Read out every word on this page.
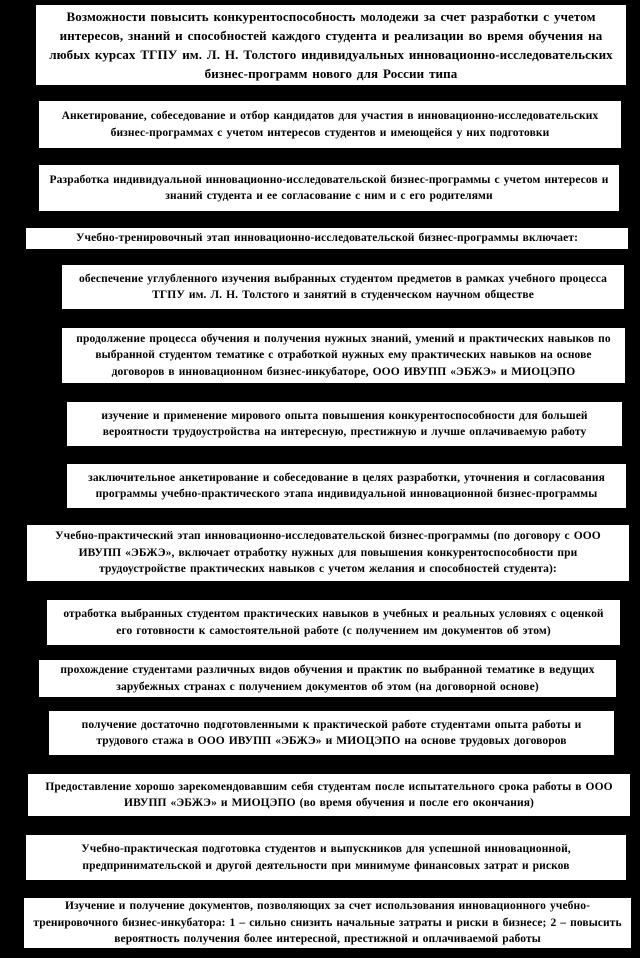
Возможности повысить конкурентоспособность молодежи за счет разработки с учетом интересов, знаний и способностей каждого студента и реализации во время обучения на любых курсах ТГПУ им. Л. Н. Толстого индивидуальных инновационно-исследовательских бизнес-программ нового для России типа
Анкетирование, собеседование и отбор кандидатов для участия в инновационно-исследовательских бизнес-программах с учетом интересов студентов и имеющейся у них подготовки
Разработка индивидуальной инновационно-исследовательской бизнес-программы с учетом интересов и знаний студента и ее согласование с ним и с его родителями
Учебно-тренировочный этап инновационно-исследовательской бизнес-программы включает:
обеспечение углубленного изучения выбранных студентом предметов в рамках учебного процесса ТГПУ им. Л. Н. Толстого и занятий в студенческом научном обществе
продолжение процесса обучения и получения нужных знаний, умений и практических навыков по выбранной студентом тематике с отработкой нужных ему практических навыков на основе договоров в инновационном бизнес-инкубаторе, ООО ИВУПП «ЭБЖЭ» и МИОЦЭПО
изучение и применение мирового опыта повышения конкурентоспособности для большей вероятности трудоустройства на интересную, престижную и лучше оплачиваемую работу
заключительное анкетирование и собеседование в целях разработки, уточнения и согласования программы учебно-практического этапа индивидуальной инновационной бизнес-программы
Учебно-практический этап инновационно-исследовательской бизнес-программы (по договору с ООО ИВУПП «ЭБЖЭ», включает отработку нужных для повышения конкурентоспособности при трудоустройстве практических навыков с учетом желания и способностей студента):
отработка выбранных студентом практических навыков в учебных и реальных условиях с оценкой его готовности к самостоятельной работе (с получением им документов об этом)
прохождение студентами различных видов обучения и практик по выбранной тематике в ведущих зарубежных странах с получением документов об этом (на договорной основе)
получение достаточно подготовленными к практической работе студентами опыта работы и трудового стажа в ООО ИВУПП «ЭБЖЭ» и МИОЦЭПО на основе трудовых договоров
Предоставление хорошо зарекомендовавшим себя студентам после испытательного срока работы в ООО ИВУПП «ЭБЖЭ» и МИОЦЭПО (во время обучения и после его окончания)
Учебно-практическая подготовка студентов и выпускников для успешной инновационной, предпринимательской и другой деятельности при минимуме финансовых затрат и рисков
Изучение и получение документов, позволяющих за счет использования инновационного учебно-тренировочного бизнес-инкубатора: 1 – сильно снизить начальные затраты и риски в бизнесе; 2 – повысить вероятность получения более интересной, престижной и оплачиваемой работы
